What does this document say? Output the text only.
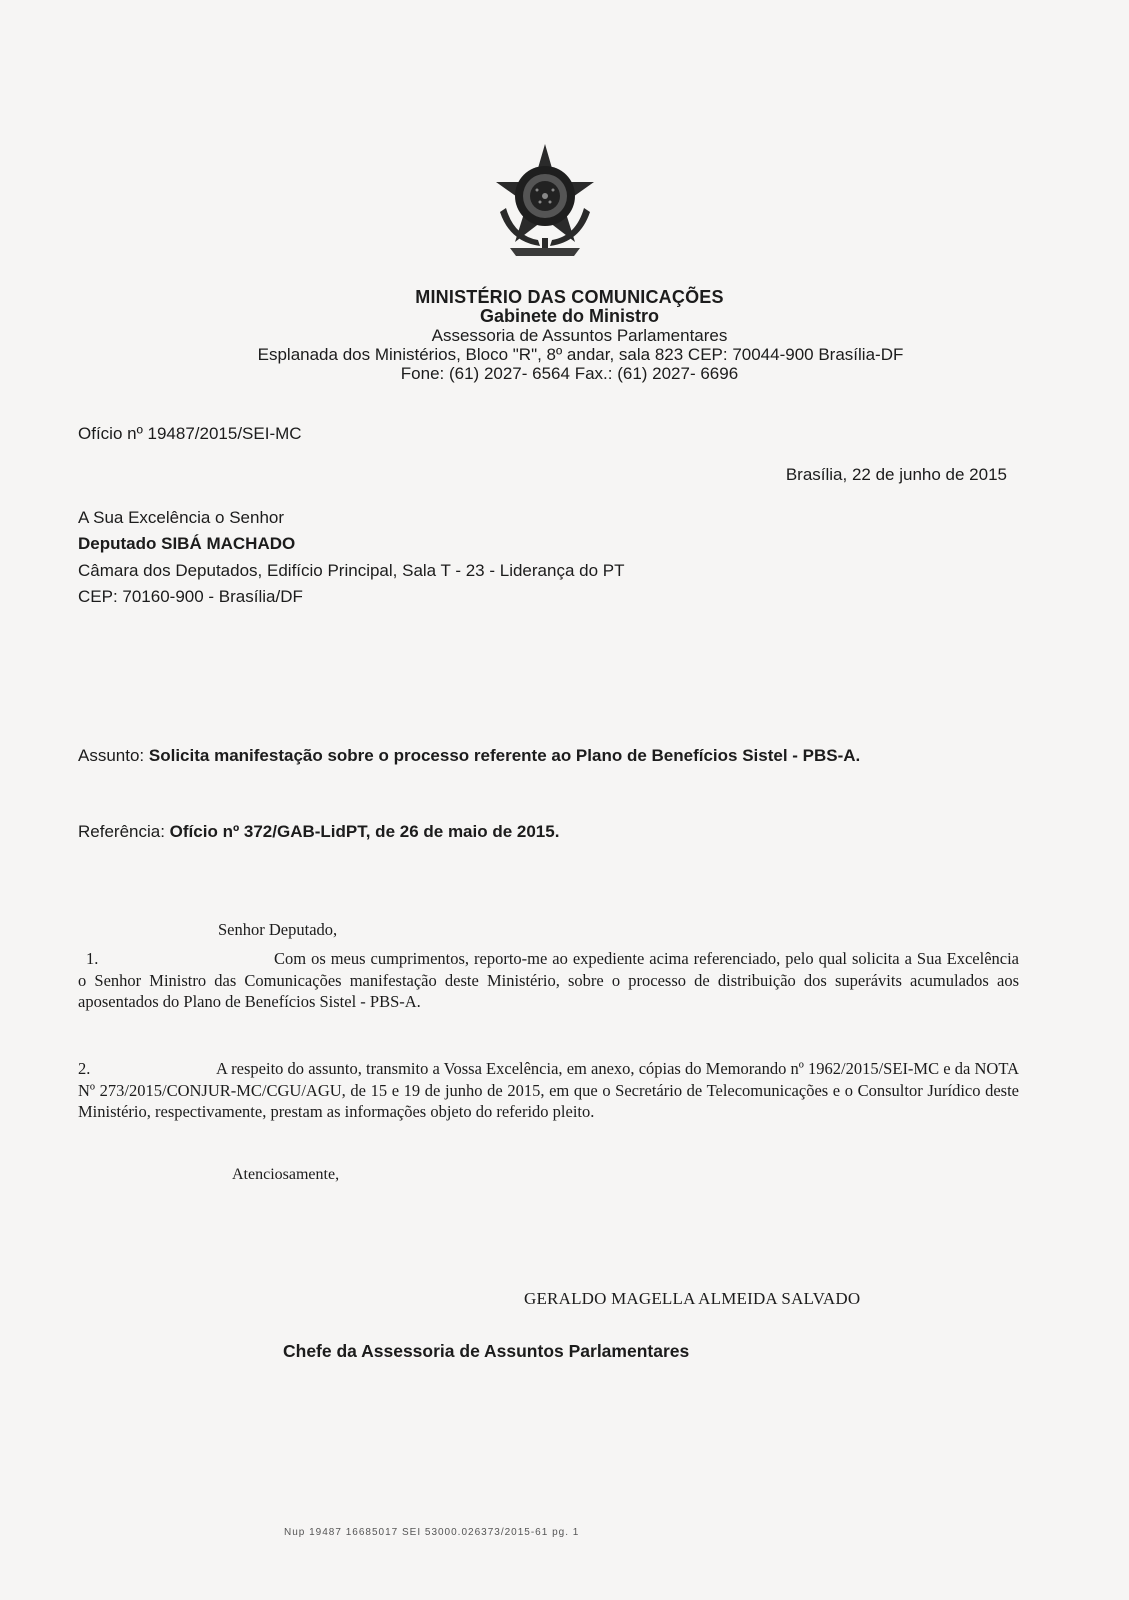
MINISTÉRIO DAS COMUNICAÇÕES
Gabinete do Ministro
Assessoria de Assuntos Parlamentares
Esplanada dos Ministérios, Bloco "R", 8º andar, sala 823 CEP: 70044-900 Brasília-DF
Fone: (61) 2027- 6564 Fax.: (61) 2027- 6696
Ofício nº 19487/2015/SEI-MC
Brasília, 22 de junho de 2015
A Sua Excelência o Senhor
Deputado SIBÁ MACHADO
Câmara dos Deputados, Edifício Principal, Sala T - 23 - Liderança do PT
CEP: 70160-900 - Brasília/DF
Assunto: Solicita manifestação sobre o processo referente ao Plano de Benefícios Sistel - PBS-A.
Referência: Ofício nº 372/GAB-LidPT, de 26 de maio de 2015.
Senhor Deputado,
1.	Com os meus cumprimentos, reporto-me ao expediente acima referenciado, pelo qual solicita a Sua Excelência o Senhor Ministro das Comunicações manifestação deste Ministério, sobre o processo de distribuição dos superávits acumulados aos aposentados do Plano de Benefícios Sistel - PBS-A.
2.	A respeito do assunto, transmito a Vossa Excelência, em anexo, cópias do Memorando nº 1962/2015/SEI-MC e da NOTA Nº 273/2015/CONJUR-MC/CGU/AGU, de 15 e 19 de junho de 2015, em que o Secretário de Telecomunicações e o Consultor Jurídico deste Ministério, respectivamente, prestam as informações objeto do referido pleito.
Atenciosamente,
GERALDO MAGELLA ALMEIDA SALVADO
Chefe da Assessoria de Assuntos Parlamentares
Nup 19487 16685017 SEI 53000.026373/2015-61 pg. 1
